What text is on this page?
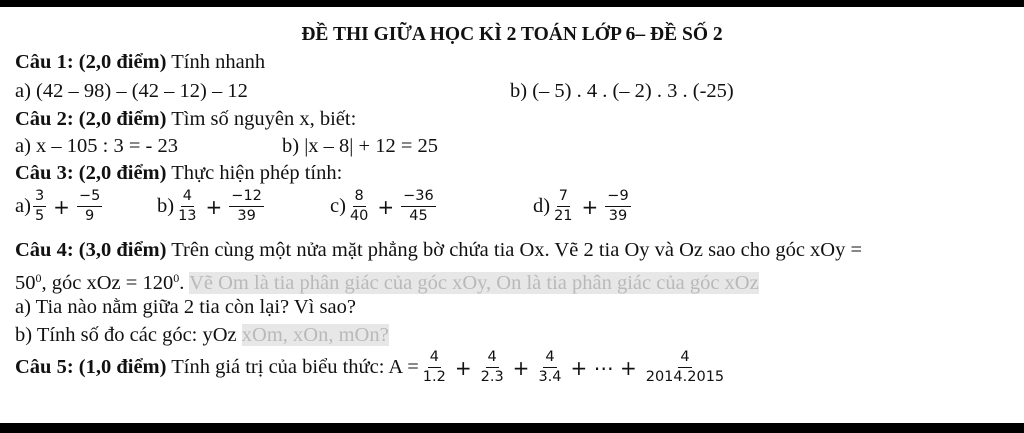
ĐỀ THI GIỮA HỌC KÌ 2 TOÁN LỚP 6– ĐỀ SỐ 2
Câu 1: (2,0 điểm) Tính nhanh
a) (42 – 98) – (42 – 12) – 12	b) (– 5) . 4 . (– 2) . 3 . (-25)
Câu 2: (2,0 điểm) Tìm số nguyên x, biết:
a) x – 105 : 3 = - 23	b) |x – 8| + 12 = 25
Câu 3: (2,0 điểm) Thực hiện phép tính:
$a) \frac{3}{5} + \frac{-5}{9}$	$b) \frac{4}{13} + \frac{-12}{39}$	$c) \frac{8}{40} + \frac{-36}{45}$	$d) \frac{7}{21} + \frac{-9}{39}$
Câu 4: (3,0 điểm) Trên cùng một nửa mặt phẳng bờ chứa tia Ox. Vẽ 2 tia Oy và Oz sao cho góc xOy =
$50^0$, góc xOz = $120^0$. Vẽ Om là tia phân giác của góc xOy, On là tia phân giác của góc xOz
a) Tia nào nằm giữa 2 tia còn lại? Vì sao?
b) Tính số đo các góc: yOz xOm, xOn, mOn?
Câu 5: (1,0 điểm) Tính giá trị của biểu thức: $A = \frac{4}{1.2} + \frac{4}{2.3} + \frac{4}{3.4}$ + ⋯ + $\frac{4}{2014.2015}$
